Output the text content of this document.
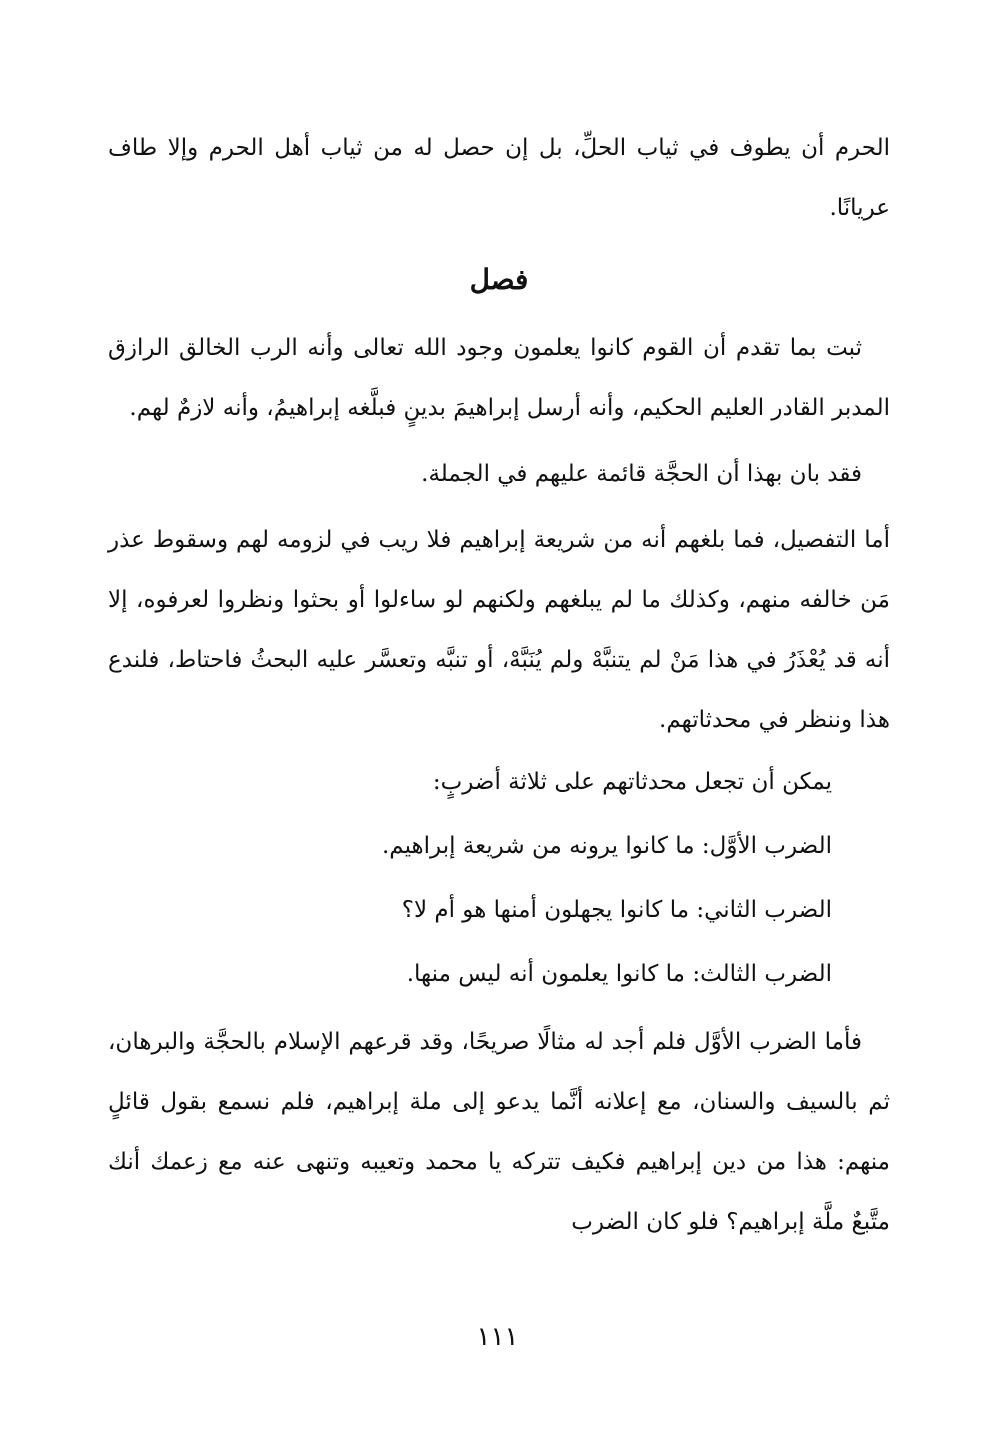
الحرم أن يطوف في ثياب الحلِّ، بل إن حصل له من ثياب أهل الحرم وإلا طاف عريانًا.

فصل

ثبت بما تقدم أن القوم كانوا يعلمون وجود الله تعالى وأنه الرب الخالق الرازق المدبر القادر العليم الحكيم، وأنه أرسل إبراهيمَ بدينٍ فبلَّغه إبراهيمُ، وأنه لازمٌ لهم.

فقد بان بهذا أن الحجَّة قائمة عليهم في الجملة.

أما التفصيل، فما بلغهم أنه من شريعة إبراهيم فلا ريب في لزومه لهم وسقوط عذر مَن خالفه منهم، وكذلك ما لم يبلغهم ولكنهم لو ساءلوا أو بحثوا ونظروا لعرفوه، إلا أنه قد يُعْذَرُ في هذا مَنْ لم يتنبَّهْ ولم يُنَبَّهْ، أو تنبَّه وتعسَّر عليه البحثُ فاحتاط، فلندع هذا وننظر في محدثاتهم.

يمكن أن تجعل محدثاتهم على ثلاثة أضربٍ:

الضرب الأوَّل: ما كانوا يرونه من شريعة إبراهيم.

الضرب الثاني: ما كانوا يجهلون أمنها هو أم لا؟

الضرب الثالث: ما كانوا يعلمون أنه ليس منها.

فأما الضرب الأوَّل فلم أجد له مثالًا صريحًا، وقد قرعهم الإسلام بالحجَّة والبرهان، ثم بالسيف والسنان، مع إعلانه أنَّما يدعو إلى ملة إبراهيم، فلم نسمع بقول قائلٍ منهم: هذا من دين إبراهيم فكيف تتركه يا محمد وتعيبه وتنهى عنه مع زعمك أنك متَّبعٌ ملَّة إبراهيم؟ فلو كان الضرب

١١١
